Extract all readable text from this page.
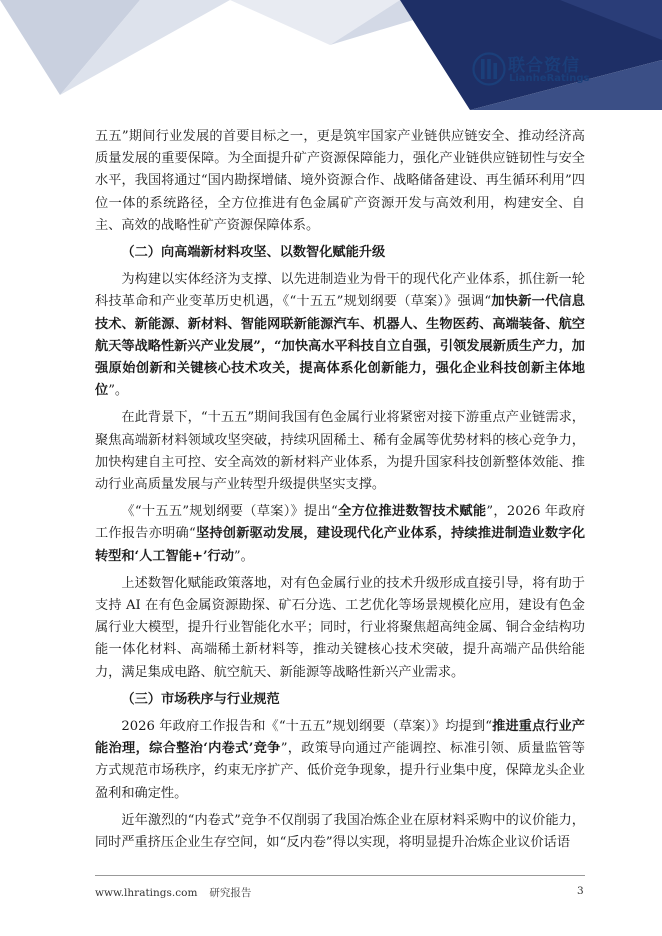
联合资信
LianheRatings

五五”期间行业发展的首要目标之一，更是筑牢国家产业链供应链安全、推动经济高质量发展的重要保障。为全面提升矿产资源保障能力，强化产业链供应链韧性与安全水平，我国将通过“国内勘探增储、境外资源合作、战略储备建设、再生循环利用”四位一体的系统路径，全方位推进有色金属矿产资源开发与高效利用，构建安全、自主、高效的战略性矿产资源保障体系。

（二）向高端新材料攻坚、以数智化赋能升级

为构建以实体经济为支撑、以先进制造业为骨干的现代化产业体系，抓住新一轮科技革命和产业变革历史机遇，《“十五五”规划纲要（草案）》强调“加快新一代信息技术、新能源、新材料、智能网联新能源汽车、机器人、生物医药、高端装备、航空航天等战略性新兴产业发展”，“加快高水平科技自立自强，引领发展新质生产力，加强原始创新和关键核心技术攻关，提高体系化创新能力，强化企业科技创新主体地位”。

在此背景下，“十五五”期间我国有色金属行业将紧密对接下游重点产业链需求，聚焦高端新材料领域攻坚突破，持续巩固稀土、稀有金属等优势材料的核心竞争力，加快构建自主可控、安全高效的新材料产业体系，为提升国家科技创新整体效能、推动行业高质量发展与产业转型升级提供坚实支撑。

《“十五五”规划纲要（草案）》提出“全方位推进数智技术赋能”，2026 年政府工作报告亦明确“坚持创新驱动发展，建设现代化产业体系，持续推进制造业数字化转型和‘人工智能+’行动”。

上述数智化赋能政策落地，对有色金属行业的技术升级形成直接引导，将有助于支持 AI 在有色金属资源勘探、矿石分选、工艺优化等场景规模化应用，建设有色金属行业大模型，提升行业智能化水平；同时，行业将聚焦超高纯金属、铜合金结构功能一体化材料、高端稀土新材料等，推动关键核心技术突破，提升高端产品供给能力，满足集成电路、航空航天、新能源等战略性新兴产业需求。

（三）市场秩序与行业规范

2026 年政府工作报告和《“十五五”规划纲要（草案）》均提到“推进重点行业产能治理，综合整治‘内卷式’竞争”，政策导向通过产能调控、标准引领、质量监管等方式规范市场秩序，约束无序扩产、低价竞争现象，提升行业集中度，保障龙头企业盈利和确定性。

近年激烈的“内卷式”竞争不仅削弱了我国冶炼企业在原材料采购中的议价能力，同时严重挤压企业生存空间，如“反内卷”得以实现，将明显提升冶炼企业议价话语

www.lhratings.com 研究报告	3
